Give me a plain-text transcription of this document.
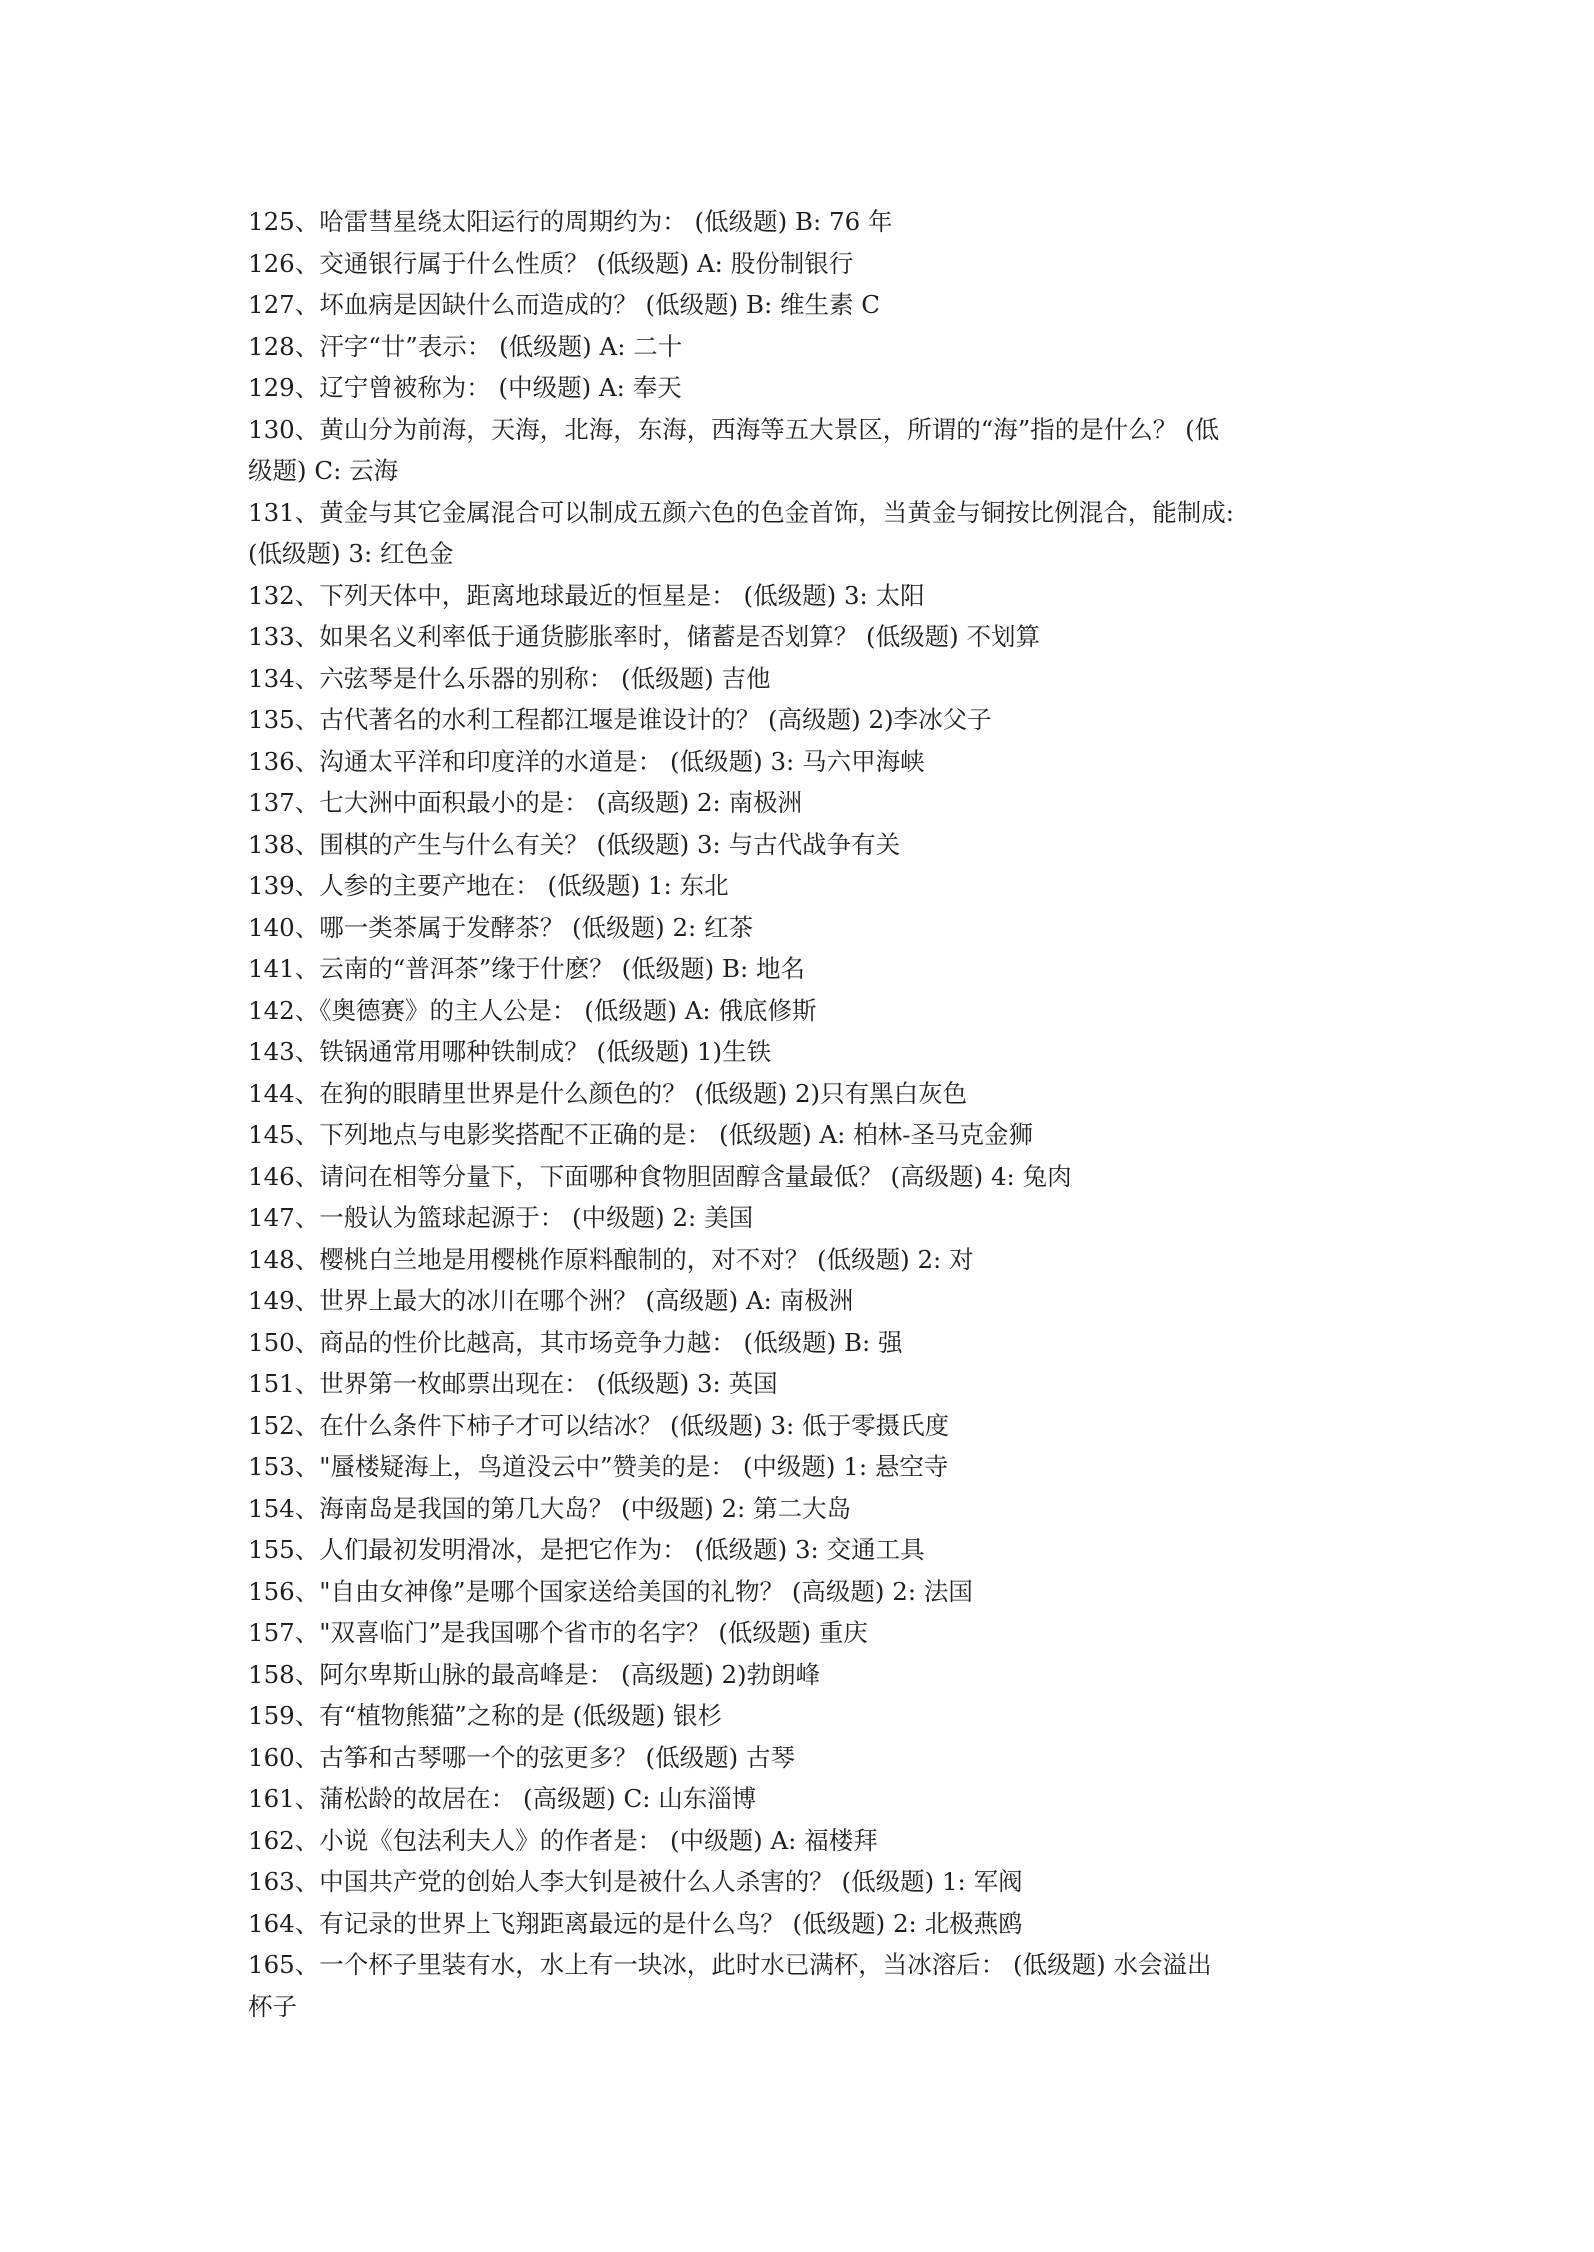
125、哈雷彗星绕太阳运行的周期约为： (低级题) B: 76 年
126、交通银行属于什么性质？ (低级题) A: 股份制银行
127、坏血病是因缺什么而造成的？ (低级题) B: 维生素 C
128、汗字“廿”表示： (低级题) A: 二十
129、辽宁曾被称为： (中级题) A: 奉天
130、黄山分为前海，天海，北海，东海，西海等五大景区，所谓的“海”指的是什么？ (低
级题) C: 云海
131、黄金与其它金属混合可以制成五颜六色的色金首饰，当黄金与铜按比例混合，能制成:
(低级题) 3: 红色金
132、下列天体中，距离地球最近的恒星是： (低级题) 3: 太阳
133、如果名义利率低于通货膨胀率时，储蓄是否划算？ (低级题) 不划算
134、六弦琴是什么乐器的别称： (低级题) 吉他
135、古代著名的水利工程都江堰是谁设计的？ (高级题) 2)李冰父子
136、沟通太平洋和印度洋的水道是： (低级题) 3: 马六甲海峡
137、七大洲中面积最小的是： (高级题) 2: 南极洲
138、围棋的产生与什么有关？ (低级题) 3: 与古代战争有关
139、人参的主要产地在： (低级题) 1: 东北
140、哪一类茶属于发酵茶？ (低级题) 2: 红茶
141、云南的“普洱茶”缘于什麽？ (低级题) B: 地名
142、《奥德赛》的主人公是： (低级题) A: 俄底修斯
143、铁锅通常用哪种铁制成？ (低级题) 1)生铁
144、在狗的眼睛里世界是什么颜色的？ (低级题) 2)只有黑白灰色
145、下列地点与电影奖搭配不正确的是： (低级题) A: 柏林-圣马克金狮
146、请问在相等分量下，下面哪种食物胆固醇含量最低？ (高级题) 4: 兔肉
147、一般认为篮球起源于： (中级题) 2: 美国
148、樱桃白兰地是用樱桃作原料酿制的，对不对？ (低级题) 2: 对
149、世界上最大的冰川在哪个洲？ (高级题) A: 南极洲
150、商品的性价比越高，其市场竞争力越： (低级题) B: 强
151、世界第一枚邮票出现在： (低级题) 3: 英国
152、在什么条件下柿子才可以结冰？ (低级题) 3: 低于零摄氏度
153、"蜃楼疑海上，鸟道没云中”赞美的是： (中级题) 1: 悬空寺
154、海南岛是我国的第几大岛？ (中级题) 2: 第二大岛
155、人们最初发明滑冰，是把它作为： (低级题) 3: 交通工具
156、"自由女神像”是哪个国家送给美国的礼物？ (高级题) 2: 法国
157、"双喜临门”是我国哪个省市的名字？ (低级题) 重庆
158、阿尔卑斯山脉的最高峰是： (高级题) 2)勃朗峰
159、有“植物熊猫”之称的是 (低级题) 银杉
160、古筝和古琴哪一个的弦更多？ (低级题) 古琴
161、蒲松龄的故居在： (高级题) C: 山东淄博
162、小说《包法利夫人》的作者是： (中级题) A: 福楼拜
163、中国共产党的创始人李大钊是被什么人杀害的？ (低级题) 1: 军阀
164、有记录的世界上飞翔距离最远的是什么鸟？ (低级题) 2: 北极燕鸥
165、一个杯子里装有水，水上有一块冰，此时水已满杯，当冰溶后： (低级题) 水会溢出
杯子
